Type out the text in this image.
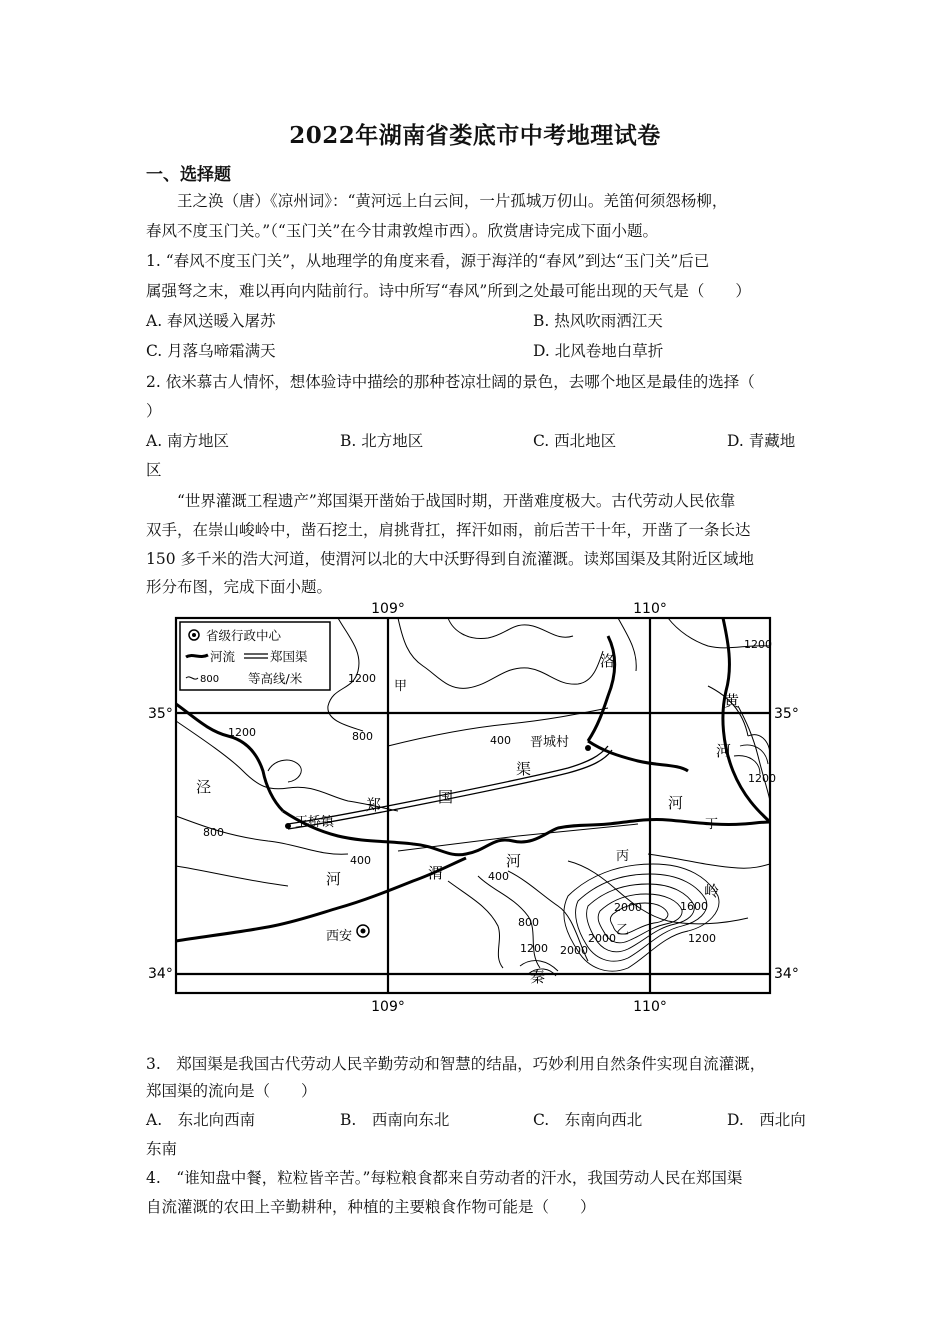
2022年湖南省娄底市中考地理试卷
一、选择题
王之涣（唐）《凉州词》：“黄河远上白云间，一片孤城万仞山。羌笛何须怨杨柳，
春风不度玉门关。”（“玉门关”在今甘肃敦煌市西）。欣赏唐诗完成下面小题。
1. “春风不度玉门关”，从地理学的角度来看，源于海洋的“春风”到达“玉门关”后已
属强弩之末，难以再向内陆前行。诗中所写“春风”所到之处最可能出现的天气是（　　）
A. 春风送暖入屠苏	B. 热风吹雨洒江天
C. 月落乌啼霜满天	D. 北风卷地白草折
2. 依米慕古人情怀，想体验诗中描绘的那种苍凉壮阔的景色，去哪个地区是最佳的选择（
）
A. 南方地区	B. 北方地区	C. 西北地区	D. 青藏地
区
“世界灌溉工程遗产”郑国渠开凿始于战国时期，开凿难度极大。古代劳动人民依靠
双手，在崇山峻岭中，凿石挖土，肩挑背扛，挥汗如雨，前后苦干十年，开凿了一条长达
150 多千米的浩大河道，使渭河以北的大中沃野得到自流灌溉。读郑国渠及其附近区域地
形分布图，完成下面小题。
109°	110°
109°	110°
35°	35°
34°	34°
省级行政中心
河流	郑国渠
800 等高线/米
西安
王桥镇
晋城村
甲
乙
丙
丁
泾
河	渭
河
洛
黄
河
河
郑	国
渠
秦
岭
1200
1200	800
800
400
400
400
800
1200
2000
2000
1600
1200
2000
1200
1200
3.　郑国渠是我国古代劳动人民辛勤劳动和智慧的结晶，巧妙利用自然条件实现自流灌溉，
郑国渠的流向是（　　）
A.　东北向西南	B.　西南向东北	C.　东南向西北	D.　西北向
东南
4.　“谁知盘中餐，粒粒皆辛苦。”每粒粮食都来自劳动者的汗水，我国劳动人民在郑国渠
自流灌溉的农田上辛勤耕种，种植的主要粮食作物可能是（　　）
